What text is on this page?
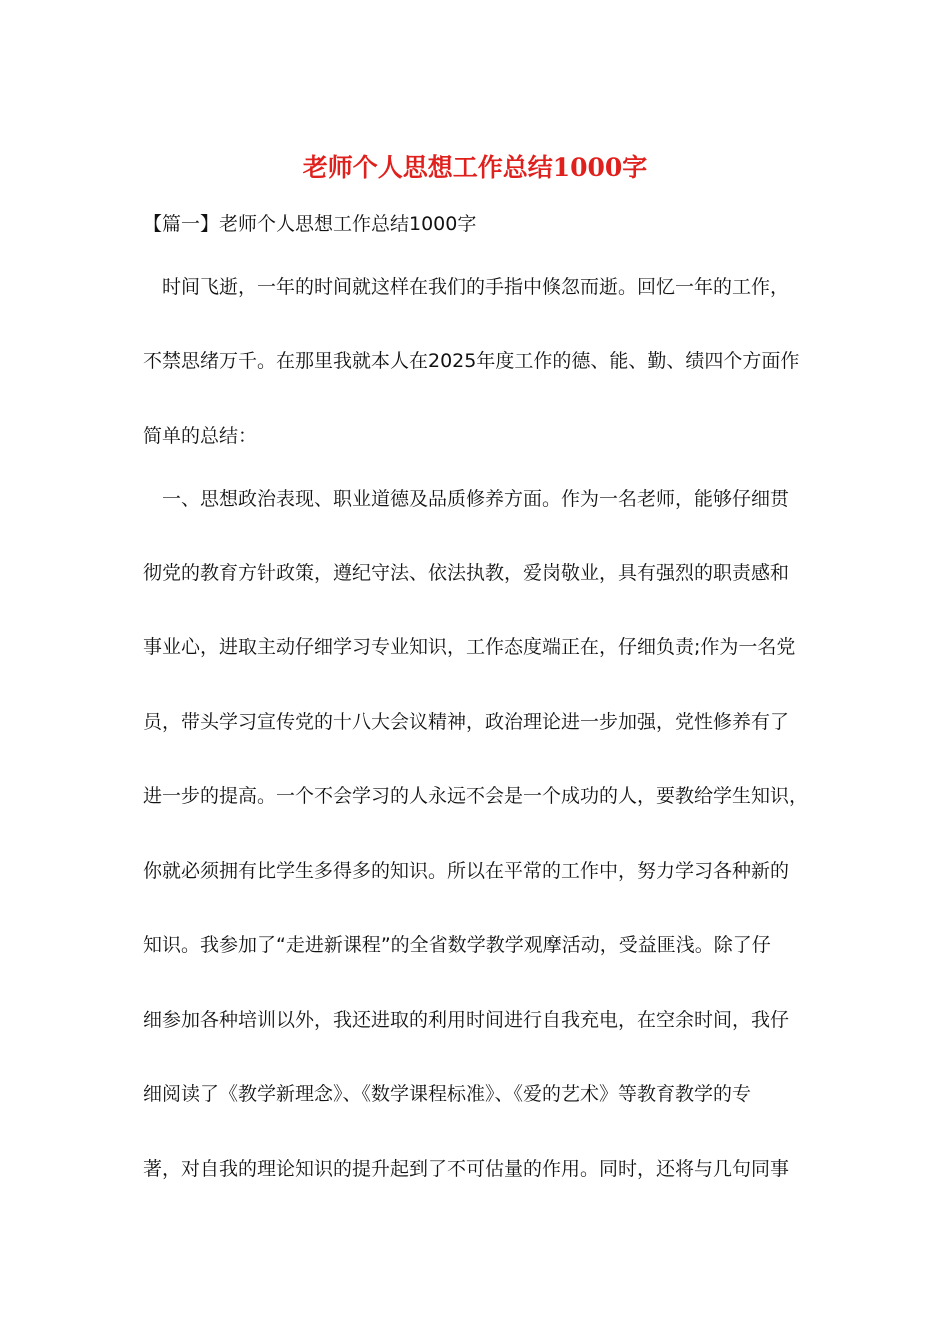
老师个人思想工作总结1000字
【篇一】老师个人思想工作总结1000字
　时间飞逝，一年的时间就这样在我们的手指中倏忽而逝。回忆一年的工作，
不禁思绪万千。在那里我就本人在2025年度工作的德、能、勤、绩四个方面作
简单的总结：
　一、思想政治表现、职业道德及品质修养方面。作为一名老师，能够仔细贯
彻党的教育方针政策，遵纪守法、依法执教，爱岗敬业，具有强烈的职责感和
事业心，进取主动仔细学习专业知识，工作态度端正在，仔细负责;作为一名党
员，带头学习宣传党的十八大会议精神，政治理论进一步加强，党性修养有了
进一步的提高。一个不会学习的人永远不会是一个成功的人，要教给学生知识，
你就必须拥有比学生多得多的知识。所以在平常的工作中，努力学习各种新的
知识。我参加了“走进新课程”的全省数学教学观摩活动，受益匪浅。除了仔
细参加各种培训以外，我还进取的利用时间进行自我充电，在空余时间，我仔
细阅读了《教学新理念》、《数学课程标准》、《爱的艺术》等教育教学的专
著，对自我的理论知识的提升起到了不可估量的作用。同时，还将与几句同事
